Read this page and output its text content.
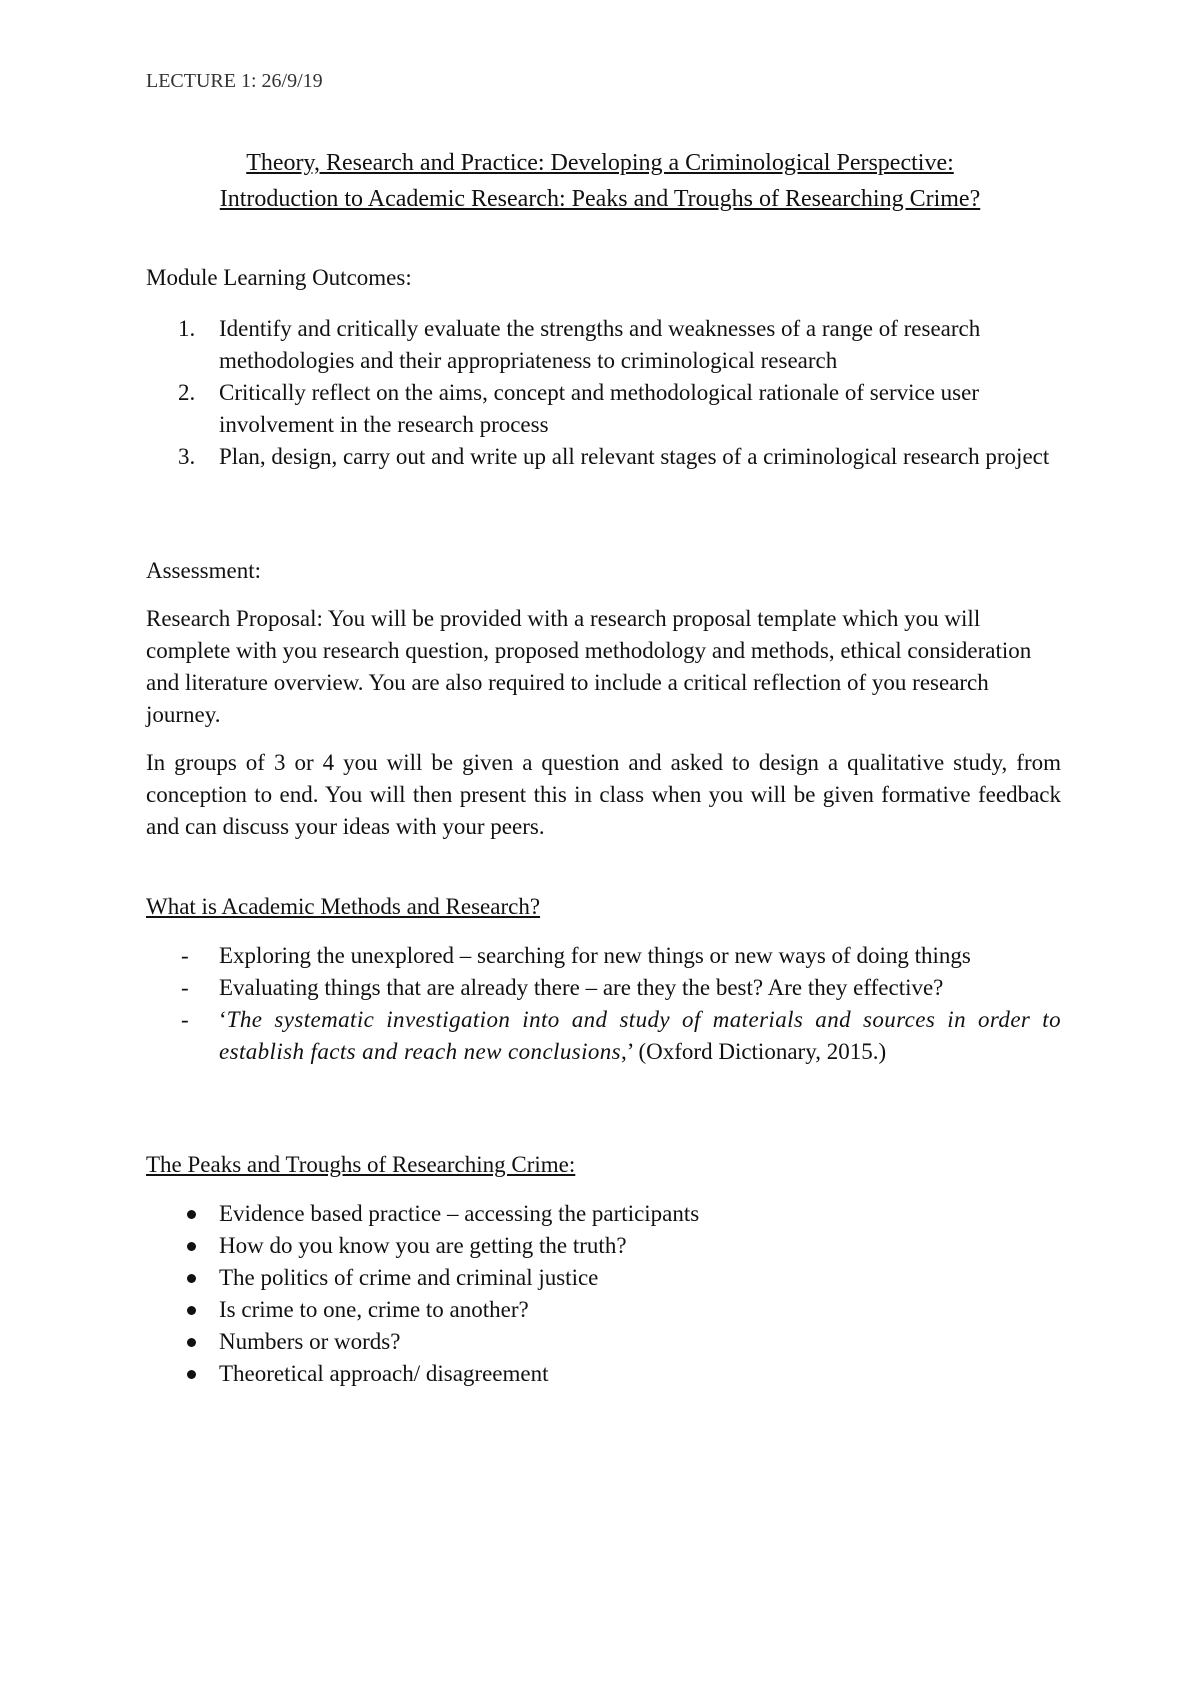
LECTURE 1: 26/9/19
Theory, Research and Practice: Developing a Criminological Perspective:
Introduction to Academic Research: Peaks and Troughs of Researching Crime?
Module Learning Outcomes:
1. Identify and critically evaluate the strengths and weaknesses of a range of research methodologies and their appropriateness to criminological research
2. Critically reflect on the aims, concept and methodological rationale of service user involvement in the research process
3. Plan, design, carry out and write up all relevant stages of a criminological research project
Assessment:
Research Proposal: You will be provided with a research proposal template which you will complete with you research question, proposed methodology and methods, ethical consideration and literature overview. You are also required to include a critical reflection of you research journey.
In groups of 3 or 4 you will be given a question and asked to design a qualitative study, from conception to end. You will then present this in class when you will be given formative feedback and can discuss your ideas with your peers.
What is Academic Methods and Research?
- Exploring the unexplored – searching for new things or new ways of doing things
- Evaluating things that are already there – are they the best? Are they effective?
- ‘The systematic investigation into and study of materials and sources in order to establish facts and reach new conclusions,’ (Oxford Dictionary, 2015.)
The Peaks and Troughs of Researching Crime:
Evidence based practice – accessing the participants
How do you know you are getting the truth?
The politics of crime and criminal justice
Is crime to one, crime to another?
Numbers or words?
Theoretical approach/ disagreement
